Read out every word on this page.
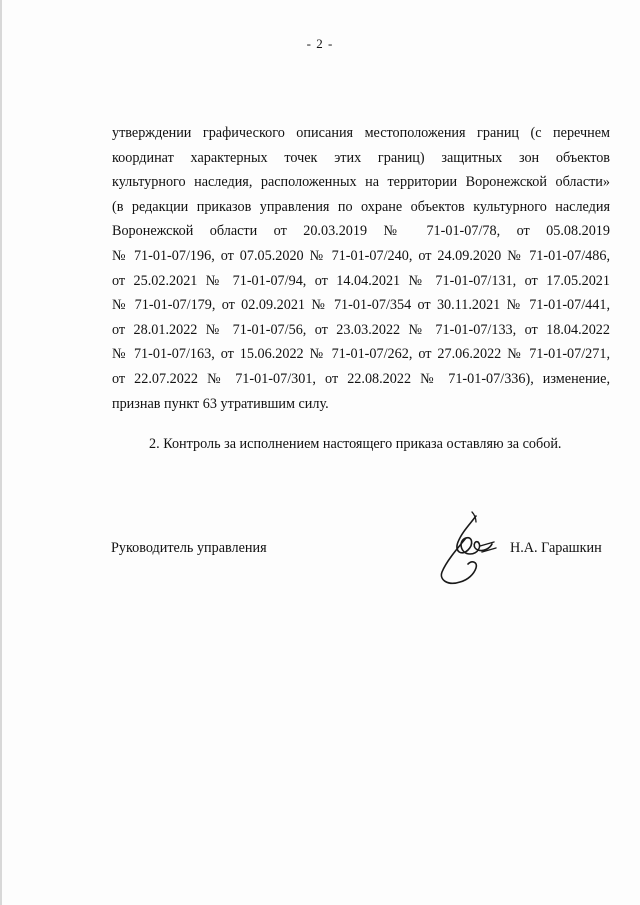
- 2 -
утверждении графического описания местоположения границ (с перечнем
координат характерных точек этих границ) защитных зон объектов
культурного наследия, расположенных на территории Воронежской области»
(в редакции приказов управления по охране объектов культурного наследия
Воронежской области от 20.03.2019 № 71-01-07/78, от 05.08.2019
№ 71-01-07/196, от 07.05.2020 № 71-01-07/240, от 24.09.2020 № 71-01-07/486,
от 25.02.2021 № 71-01-07/94, от 14.04.2021 № 71-01-07/131, от 17.05.2021
№ 71-01-07/179, от 02.09.2021 № 71-01-07/354 от 30.11.2021 № 71-01-07/441,
от 28.01.2022 № 71-01-07/56, от 23.03.2022 № 71-01-07/133, от 18.04.2022
№ 71-01-07/163, от 15.06.2022 № 71-01-07/262, от 27.06.2022 № 71-01-07/271,
от 22.07.2022 № 71-01-07/301, от 22.08.2022 № 71-01-07/336), изменение,
признав пункт 63 утратившим силу.
2. Контроль за исполнением настоящего приказа оставляю за собой.
Руководитель управления	Н.А. Гарашкин
